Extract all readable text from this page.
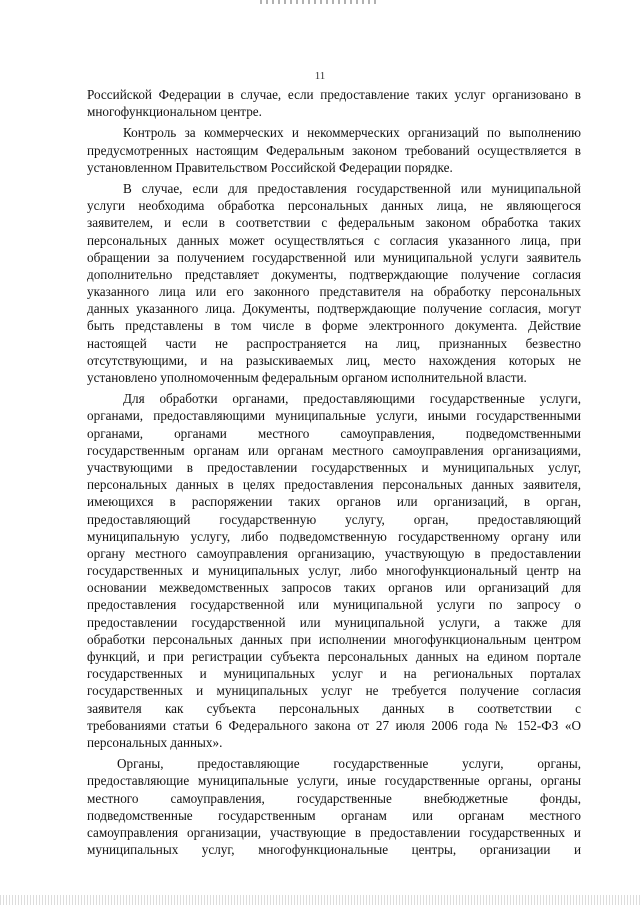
11
Российской Федерации в случае, если предоставление таких услуг организовано в
многофункциональном центре.
Контроль за коммерческих и некоммерческих организаций по выполнению
предусмотренных настоящим Федеральным законом требований осуществляется в
установленном Правительством Российской Федерации порядке.
В случае, если для предоставления государственной или муниципальной
услуги необходима обработка персональных данных лица, не являющегося
заявителем, и если в соответствии с федеральным законом обработка таких
персональных данных может осуществляться с согласия указанного лица, при
обращении за получением государственной или муниципальной услуги заявитель
дополнительно представляет документы, подтверждающие получение согласия
указанного лица или его законного представителя на обработку персональных
данных указанного лица. Документы, подтверждающие получение согласия, могут
быть представлены в том числе в форме электронного документа. Действие
настоящей части не распространяется на лиц, признанных безвестно
отсутствующими, и на разыскиваемых лиц, место нахождения которых не
установлено уполномоченным федеральным органом исполнительной власти.
Для обработки органами, предоставляющими государственные услуги,
органами, предоставляющими муниципальные услуги, иными государственными
органами, органами местного самоуправления, подведомственными
государственным органам или органам местного самоуправления организациями,
участвующими в предоставлении государственных и муниципальных услуг,
персональных данных в целях предоставления персональных данных заявителя,
имеющихся в распоряжении таких органов или организаций, в орган,
предоставляющий государственную услугу, орган, предоставляющий
муниципальную услугу, либо подведомственную государственному органу или
органу местного самоуправления организацию, участвующую в предоставлении
государственных и муниципальных услуг, либо многофункциональный центр на
основании межведомственных запросов таких органов или организаций для
предоставления государственной или муниципальной услуги по запросу о
предоставлении государственной или муниципальной услуги, а также для
обработки персональных данных при исполнении многофункциональным центром
функций, и при регистрации субъекта персональных данных на едином портале
государственных и муниципальных услуг и на региональных порталах
государственных и муниципальных услуг не требуется получение согласия
заявителя как субъекта персональных данных в соответствии с
требованиями статьи 6 Федерального закона от 27 июля 2006 года № 152-ФЗ «О
персональных данных».
Органы, предоставляющие государственные услуги, органы,
предоставляющие муниципальные услуги, иные государственные органы, органы
местного самоуправления, государственные внебюджетные фонды,
подведомственные государственным органам или органам местного
самоуправления организации, участвующие в предоставлении государственных и
муниципальных услуг, многофункциональные центры, организации и
